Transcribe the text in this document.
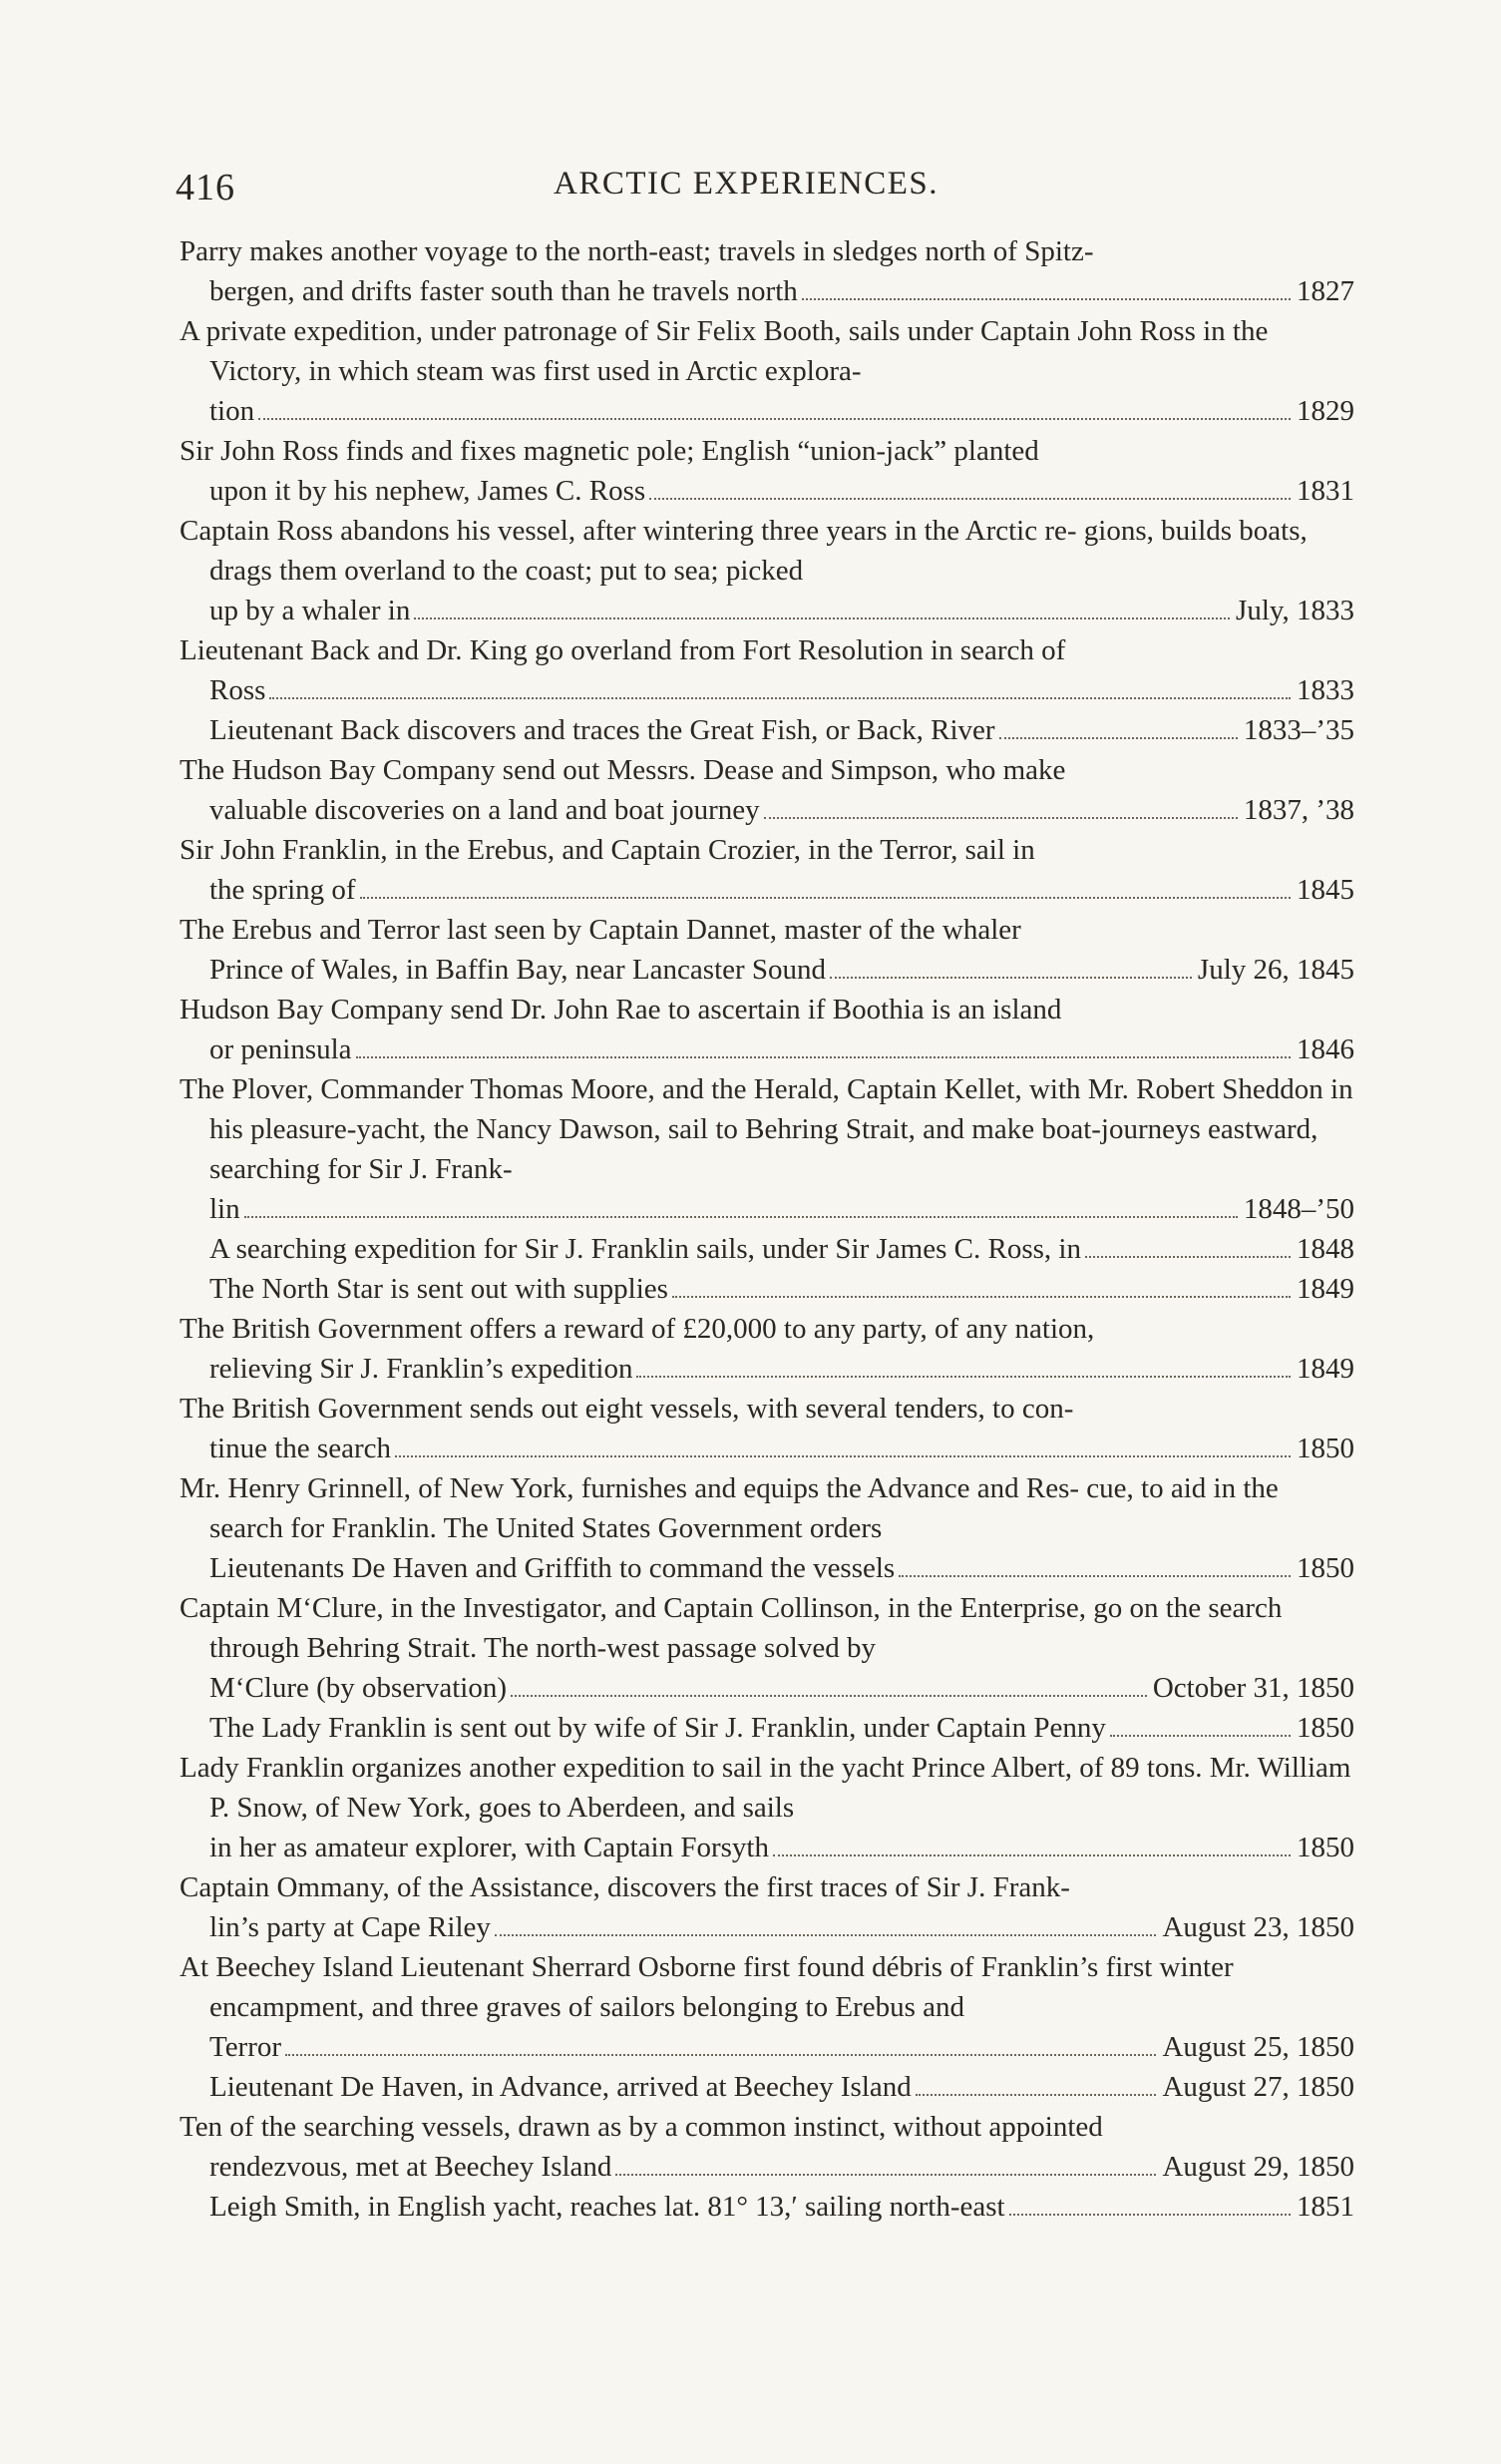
416	ARCTIC EXPERIENCES.
Parry makes another voyage to the north-east; travels in sledges north of Spitz-
bergen, and drifts faster south than he travels north	1827
A private expedition, under patronage of Sir Felix Booth, sails under Captain John Ross in the Victory, in which steam was first used in Arctic explora-
tion	1829
Sir John Ross finds and fixes magnetic pole; English “union-jack” planted
upon it by his nephew, James C. Ross	1831
Captain Ross abandons his vessel, after wintering three years in the Arctic re- gions, builds boats, drags them overland to the coast; put to sea; picked
up by a whaler in	July, 1833
Lieutenant Back and Dr. King go overland from Fort Resolution in search of
Ross	1833
Lieutenant Back discovers and traces the Great Fish, or Back, River	1833–’35
The Hudson Bay Company send out Messrs. Dease and Simpson, who make
valuable discoveries on a land and boat journey	1837, ’38
Sir John Franklin, in the Erebus, and Captain Crozier, in the Terror, sail in
the spring of	1845
The Erebus and Terror last seen by Captain Dannet, master of the whaler
Prince of Wales, in Baffin Bay, near Lancaster Sound	July 26, 1845
Hudson Bay Company send Dr. John Rae to ascertain if Boothia is an island
or peninsula	1846
The Plover, Commander Thomas Moore, and the Herald, Captain Kellet, with Mr. Robert Sheddon in his pleasure-yacht, the Nancy Dawson, sail to Behring Strait, and make boat-journeys eastward, searching for Sir J. Frank-
lin	1848–’50
A searching expedition for Sir J. Franklin sails, under Sir James C. Ross, in	1848
The North Star is sent out with supplies	1849
The British Government offers a reward of £20,000 to any party, of any nation,
relieving Sir J. Franklin’s expedition	1849
The British Government sends out eight vessels, with several tenders, to con-
tinue the search	1850
Mr. Henry Grinnell, of New York, furnishes and equips the Advance and Res- cue, to aid in the search for Franklin. The United States Government orders
Lieutenants De Haven and Griffith to command the vessels	1850
Captain M‘Clure, in the Investigator, and Captain Collinson, in the Enterprise, go on the search through Behring Strait. The north-west passage solved by
M‘Clure (by observation)	October 31, 1850
The Lady Franklin is sent out by wife of Sir J. Franklin, under Captain Penny	1850
Lady Franklin organizes another expedition to sail in the yacht Prince Albert, of 89 tons. Mr. William P. Snow, of New York, goes to Aberdeen, and sails
in her as amateur explorer, with Captain Forsyth	1850
Captain Ommany, of the Assistance, discovers the first traces of Sir J. Frank-
lin’s party at Cape Riley	August 23, 1850
At Beechey Island Lieutenant Sherrard Osborne first found débris of Franklin’s first winter encampment, and three graves of sailors belonging to Erebus and
Terror	August 25, 1850
Lieutenant De Haven, in Advance, arrived at Beechey Island	August 27, 1850
Ten of the searching vessels, drawn as by a common instinct, without appointed
rendezvous, met at Beechey Island	August 29, 1850
Leigh Smith, in English yacht, reaches lat. 81° 13,′ sailing north-east	1851
